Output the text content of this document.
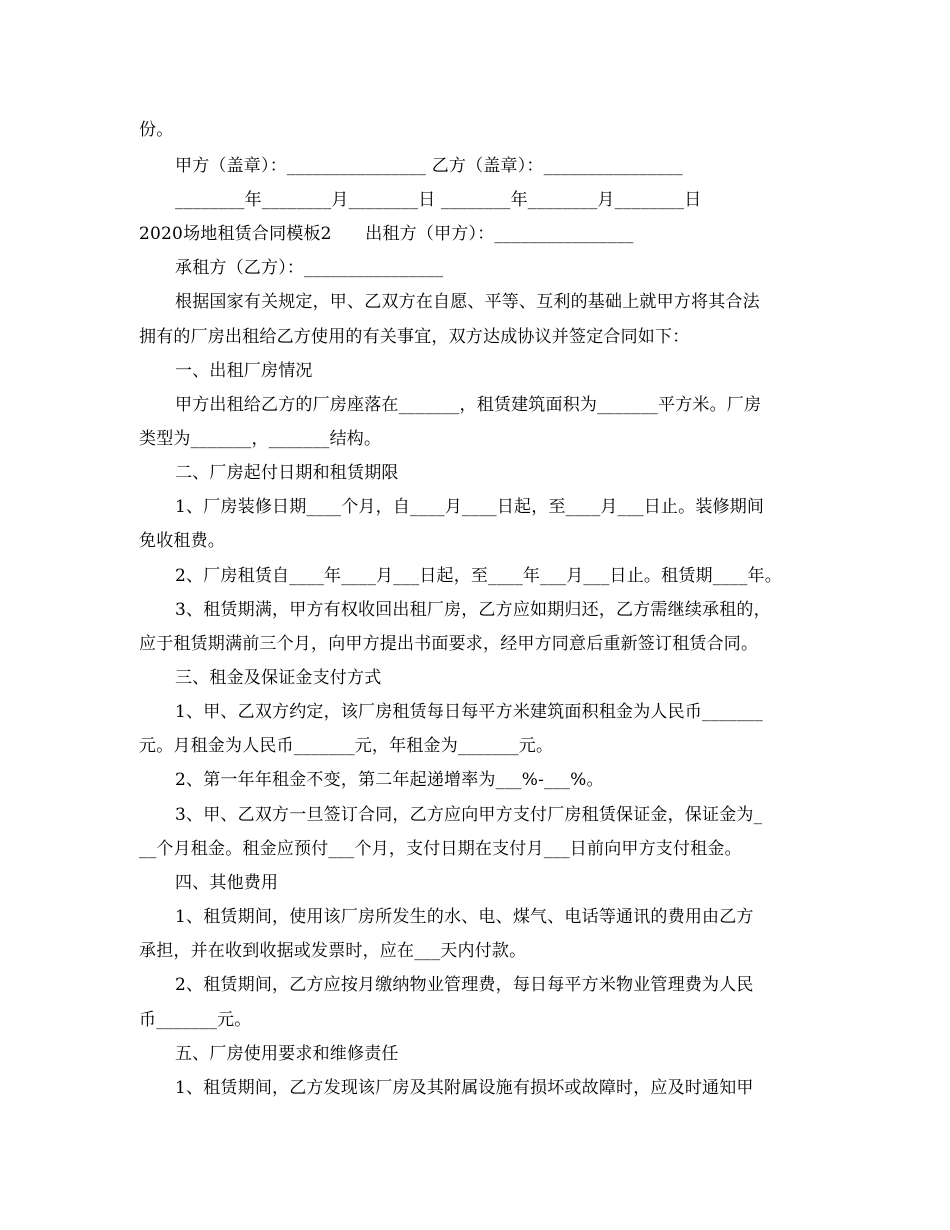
份。
甲方（盖章）：________________ 乙方（盖章）：________________
________年________月________日 ________年________月________日
2020场地租赁合同模板2      出租方（甲方）：________________
承租方（乙方）：________________
根据国家有关规定，甲、乙双方在自愿、平等、互利的基础上就甲方将其合法
拥有的厂房出租给乙方使用的有关事宜，双方达成协议并签定合同如下：
一、出租厂房情况
甲方出租给乙方的厂房座落在_______，租赁建筑面积为_______平方米。厂房
类型为_______，_______结构。
二、厂房起付日期和租赁期限
1、厂房装修日期____个月，自____月____日起，至____月___日止。装修期间
免收租费。
2、厂房租赁自____年____月___日起，至____年___月___日止。租赁期____年。
3、租赁期满，甲方有权收回出租厂房，乙方应如期归还，乙方需继续承租的，
应于租赁期满前三个月，向甲方提出书面要求，经甲方同意后重新签订租赁合同。
三、租金及保证金支付方式
1、甲、乙双方约定，该厂房租赁每日每平方米建筑面积租金为人民币_______
元。月租金为人民币_______元，年租金为_______元。
2、第一年年租金不变，第二年起递增率为___%-___%。
3、甲、乙双方一旦签订合同，乙方应向甲方支付厂房租赁保证金，保证金为_
__个月租金。租金应预付___个月，支付日期在支付月___日前向甲方支付租金。
四、其他费用
1、租赁期间，使用该厂房所发生的水、电、煤气、电话等通讯的费用由乙方
承担，并在收到收据或发票时，应在___天内付款。
2、租赁期间，乙方应按月缴纳物业管理费，每日每平方米物业管理费为人民
币_______元。
五、厂房使用要求和维修责任
1、租赁期间，乙方发现该厂房及其附属设施有损坏或故障时，应及时通知甲
